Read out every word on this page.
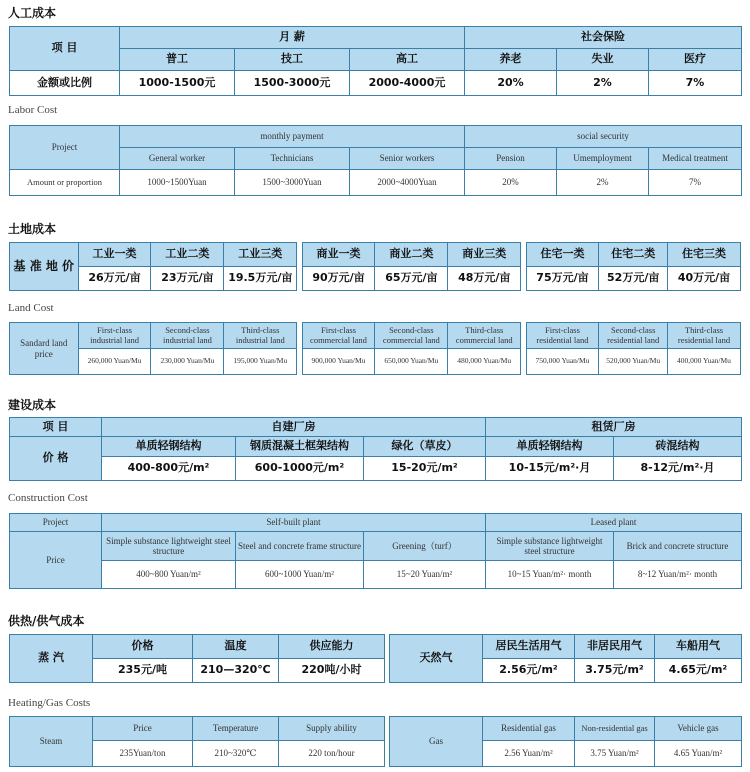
人工成本
项 目	月 薪			社会保险		
	普工	技工	高工	养老	失业	医疗
金额或比例	1000-1500元	1500-3000元	2000-4000元	20%	2%	7%
Labor Cost
Project	monthly payment			social security		
	General worker	Technicians	Senior workers	Pension	Umemployment	Medical treatment
Amount or proportion	1000~1500Yuan	1500~3000Yuan	2000~4000Yuan	20%	2%	7%
土地成本
基 准 地 价	工业一类	工业二类	工业三类		商业一类	商业二类	商业三类		住宅一类	住宅二类	住宅三类
	26万元/亩	23万元/亩	19.5万元/亩		90万元/亩	65万元/亩	48万元/亩		75万元/亩	52万元/亩	40万元/亩
Land Cost
Sandard land price	First-class industrial land	Second-class industrial land	Third-class industrial land		First-class commercial land	Second-class commercial land	Third-class commercial land		First-class residential land	Second-class residential land	Third-class residential land
	260,000 Yuan/Mu	230,000 Yuan/Mu	195,000 Yuan/Mu		900,000 Yuan/Mu	650,000 Yuan/Mu	480,000 Yuan/Mu		750,000 Yuan/Mu	520,000 Yuan/Mu	400,000 Yuan/Mu
建设成本
项 目	自建厂房			租赁厂房	
价 格	单质轻钢结构	钢质混凝土框架结构	绿化（草皮）	单质轻钢结构	砖混结构
	400-800元/m²	600-1000元/m²	15-20元/m²	10-15元/m²·月	8-12元/m²·月
Construction Cost
Project	Self-built plant			Leased plant	
Price	Simple substance lightweight steel structure	Steel and concrete frame structure	Greening（turf）	Simple substance lightweight steel structure	Brick and concrete structure
	400~800 Yuan/m²	600~1000 Yuan/m²	15~20 Yuan/m²	10~15 Yuan/m²· month	8~12 Yuan/m²· month
供热/供气成本
蒸 汽	价格	温度	供应能力		天然气	居民生活用气	非居民用气	车船用气
	235元/吨	210—320℃	220吨/小时			2.56元/m²	3.75元/m²	4.65元/m²
Heating/Gas Costs
Steam	Price	Temperature	Supply ability		Gas	Residential gas	Non-residential gas	Vehicle gas
	235Yuan/ton	210~320℃	220 ton/hour			2.56 Yuan/m²	3.75 Yuan/m²	4.65 Yuan/m²
